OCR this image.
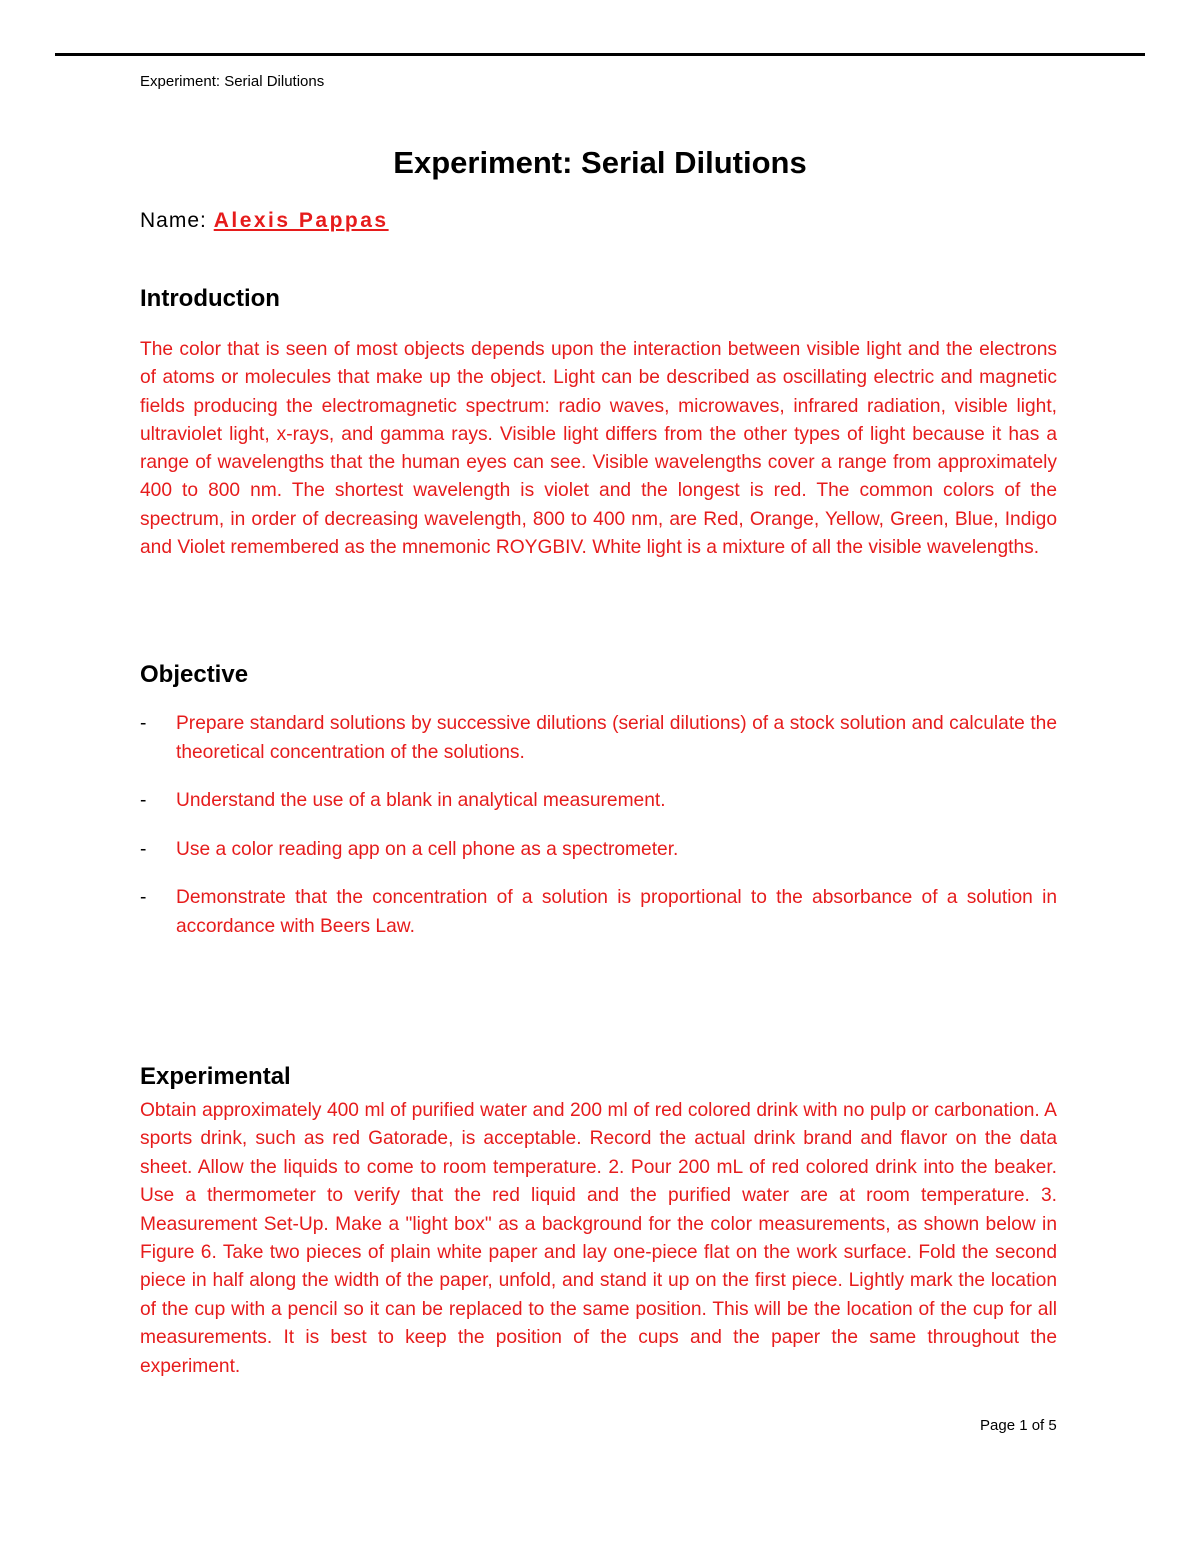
Experiment: Serial Dilutions
Experiment: Serial Dilutions

Name: Alexis Pappas

Introduction

The color that is seen of most objects depends upon the interaction between visible light and the electrons of atoms or molecules that make up the object. Light can be described as oscillating electric and magnetic fields producing the electromagnetic spectrum: radio waves, microwaves, infrared radiation, visible light, ultraviolet light, x-rays, and gamma rays. Visible light differs from the other types of light because it has a range of wavelengths that the human eyes can see. Visible wavelengths cover a range from approximately 400 to 800 nm. The shortest wavelength is violet and the longest is red. The common colors of the spectrum, in order of decreasing wavelength, 800 to 400 nm, are Red, Orange, Yellow, Green, Blue, Indigo and Violet remembered as the mnemonic ROYGBIV. White light is a mixture of all the visible wavelengths.

Objective
- Prepare standard solutions by successive dilutions (serial dilutions) of a stock solution and calculate the theoretical concentration of the solutions.
- Understand the use of a blank in analytical measurement.
- Use a color reading app on a cell phone as a spectrometer.
- Demonstrate that the concentration of a solution is proportional to the absorbance of a solution in accordance with Beers Law.
Experimental

Obtain approximately 400 ml of purified water and 200 ml of red colored drink with no pulp or carbonation. A sports drink, such as red Gatorade, is acceptable. Record the actual drink brand and flavor on the data sheet. Allow the liquids to come to room temperature. 2. Pour 200 mL of red colored drink into the beaker. Use a thermometer to verify that the red liquid and the purified water are at room temperature. 3. Measurement Set-Up. Make a "light box" as a background for the color measurements, as shown below in Figure 6. Take two pieces of plain white paper and lay one-piece flat on the work surface. Fold the second piece in half along the width of the paper, unfold, and stand it up on the first piece. Lightly mark the location of the cup with a pencil so it can be replaced to the same position. This will be the location of the cup for all measurements. It is best to keep the position of the cups and the paper the same throughout the experiment.

Page 1 of 5
